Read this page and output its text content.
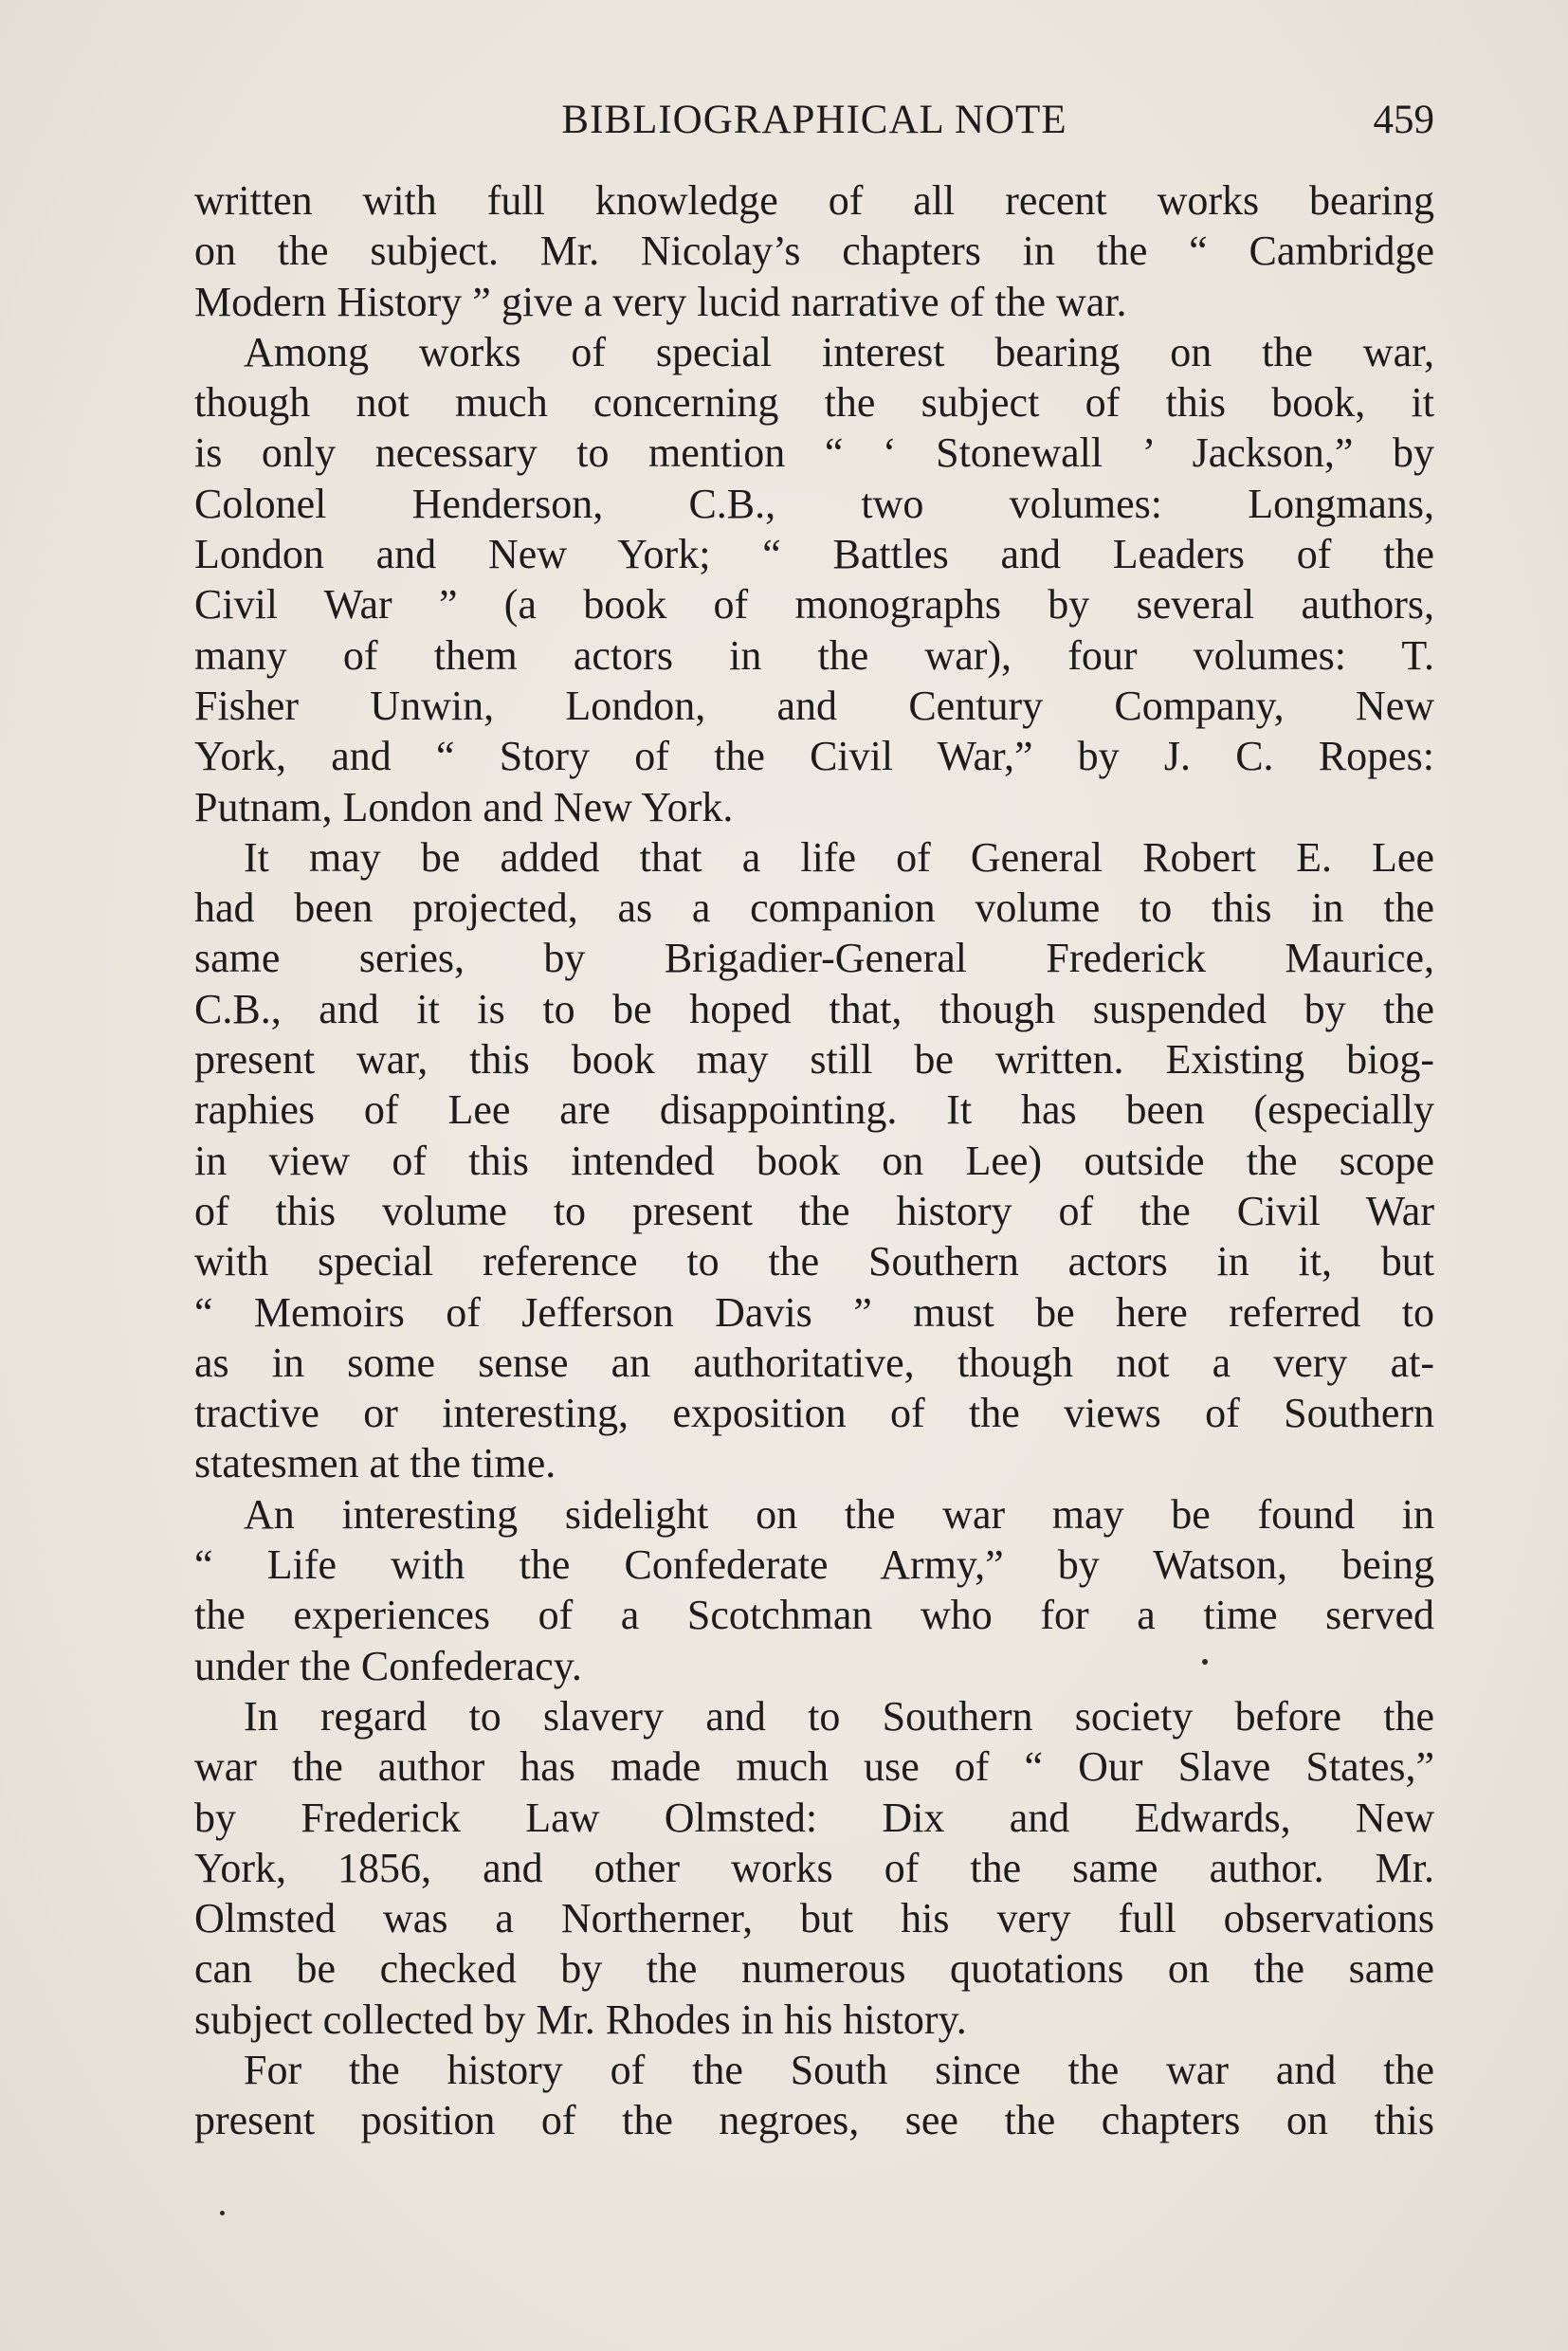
BIBLIOGRAPHICAL NOTE	459

written with full knowledge of all recent works bearing
on the subject. Mr. Nicolay’s chapters in the “ Cambridge
Modern History ” give a very lucid narrative of the war.

Among works of special interest bearing on the war,
though not much concerning the subject of this book, it
is only necessary to mention “ ‘ Stonewall ’ Jackson,” by
Colonel Henderson, C.B., two volumes: Longmans,
London and New York; “ Battles and Leaders of the
Civil War ” (a book of monographs by several authors,
many of them actors in the war), four volumes: T.
Fisher Unwin, London, and Century Company, New
York, and “ Story of the Civil War,” by J. C. Ropes:
Putnam, London and New York.

It may be added that a life of General Robert E. Lee
had been projected, as a companion volume to this in the
same series, by Brigadier-General Frederick Maurice,
C.B., and it is to be hoped that, though suspended by the
present war, this book may still be written. Existing biog-
raphies of Lee are disappointing. It has been (especially
in view of this intended book on Lee) outside the scope
of this volume to present the history of the Civil War
with special reference to the Southern actors in it, but
“ Memoirs of Jefferson Davis ” must be here referred to
as in some sense an authoritative, though not a very at-
tractive or interesting, exposition of the views of Southern
statesmen at the time.

An interesting sidelight on the war may be found in
“ Life with the Confederate Army,” by Watson, being
the experiences of a Scotchman who for a time served
under the Confederacy.

In regard to slavery and to Southern society before the
war the author has made much use of “ Our Slave States,”
by Frederick Law Olmsted: Dix and Edwards, New
York, 1856, and other works of the same author. Mr.
Olmsted was a Northerner, but his very full observations
can be checked by the numerous quotations on the same
subject collected by Mr. Rhodes in his history.

For the history of the South since the war and the
present position of the negroes, see the chapters on this
